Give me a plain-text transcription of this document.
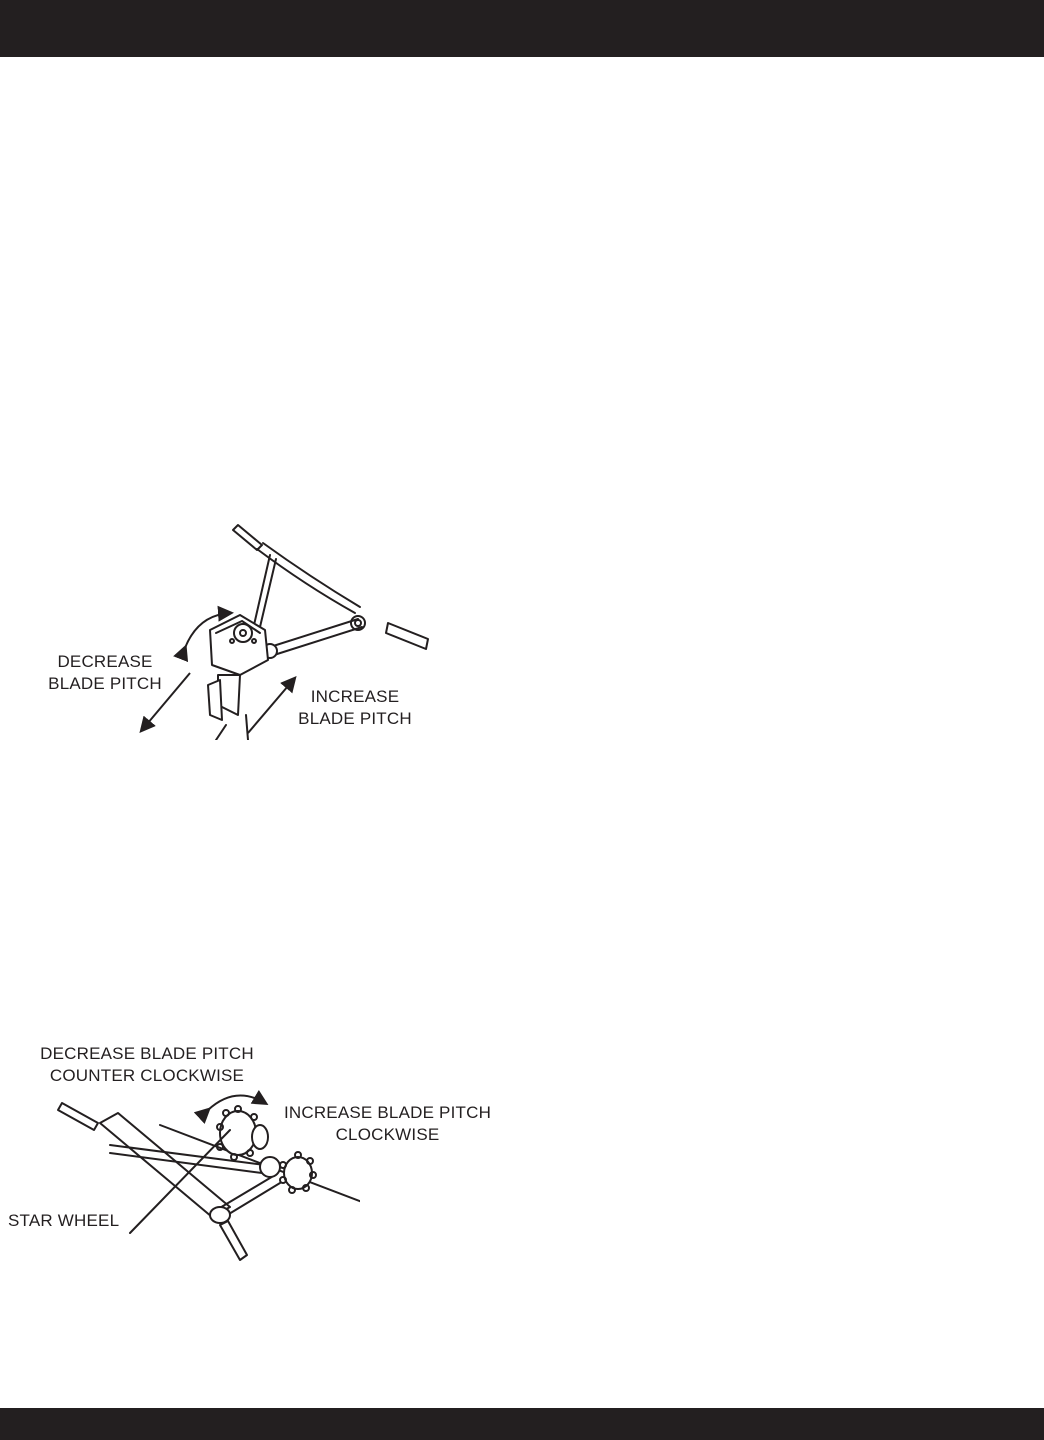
DECREASE
BLADE PITCH
INCREASE
BLADE PITCH
DECREASE BLADE PITCH
COUNTER CLOCKWISE
INCREASE BLADE PITCH
CLOCKWISE
STAR WHEEL
